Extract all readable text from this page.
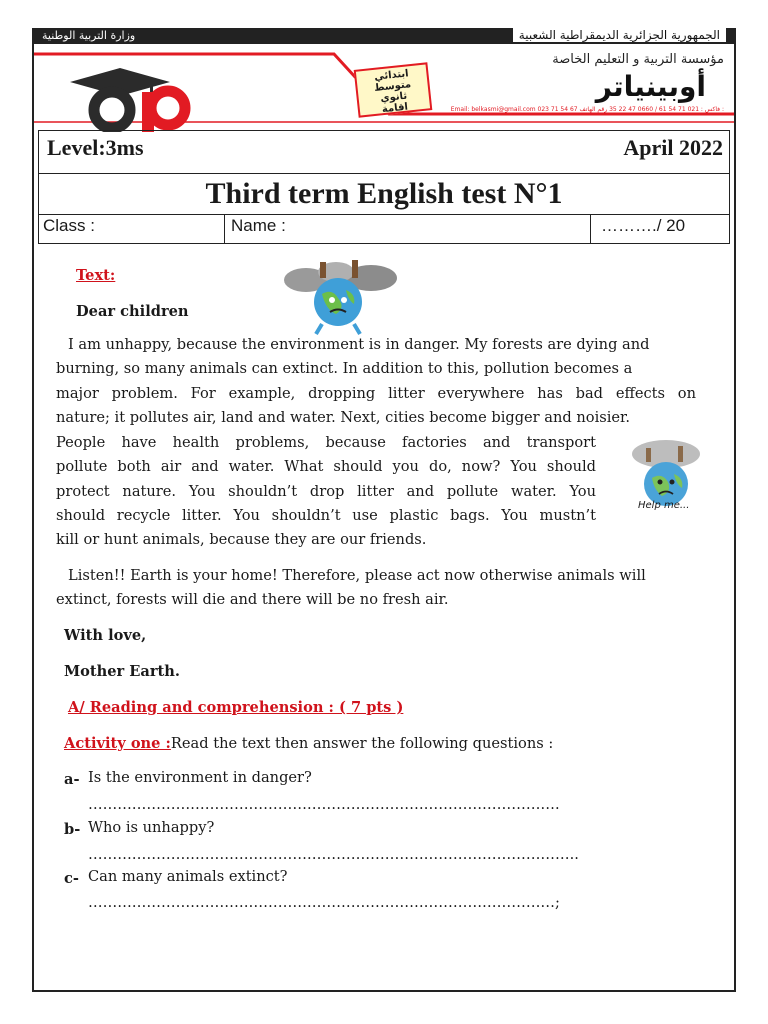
وزارة التربية الوطنية	الجمهورية الجزائرية الديمقراطية الشعبية
مؤسسة التربية و التعليم الخاصة
أوبينياتر
ابتدائي
متوسط
ثانوي
اقامة	Email: belkasmi@gmail.com 023 71 54 67 فاكس : 021 71 54 61 / 0660 47 22 35 رقم الهاتف :
Level:3ms	April 2022
Third term English test N°1
Class :	Name :	………./ 20
Text:
Dear children
I am unhappy, because the environment is in danger. My forests are dying and
burning, so many animals can extinct. In addition to this, pollution becomes a
major problem. For example, dropping litter everywhere has bad effects on
nature; it pollutes air, land and water. Next, cities become bigger and noisier.
People have health problems, because factories and transport
pollute both air and water. What should you do, now? You should
protect nature. You shouldn’t drop litter and pollute water. You
should recycle litter. You shouldn’t use plastic bags. You mustn’t
kill or hunt animals, because they are our friends.
Help me...
Listen!! Earth is your home! Therefore, please act now otherwise animals will
extinct, forests will die and there will be no fresh air.
With love,
Mother Earth.
A/ Reading and comprehension : ( 7 pts )
Activity one :Read the text then answer the following questions :
a- Is the environment in danger?
…………………………………………………………………………………….
b- Who is unhappy?
………………………………………………………………………………………..
c- Can many animals extinct?
……………………………………………………………………………………;
